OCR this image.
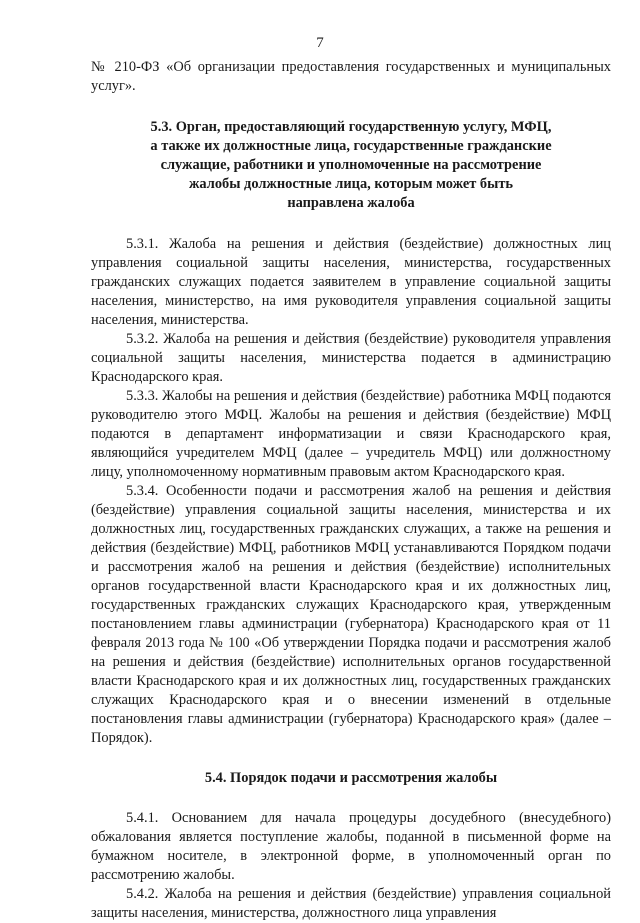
7

№ 210-ФЗ «Об организации предоставления государственных и муниципальных услуг».

5.3. Орган, предоставляющий государственную услугу, МФЦ,
а также их должностные лица, государственные гражданские
служащие, работники и уполномоченные на рассмотрение
жалобы должностные лица, которым может быть
направлена жалоба

5.3.1. Жалоба на решения и действия (бездействие) должностных лиц управления социальной защиты населения, министерства, государственных гражданских служащих подается заявителем в управление социальной защиты населения, министерство, на имя руководителя управления социальной защиты населения, министерства.

5.3.2. Жалоба на решения и действия (бездействие) руководителя управления социальной защиты населения, министерства подается в администрацию Краснодарского края.

5.3.3. Жалобы на решения и действия (бездействие) работника МФЦ подаются руководителю этого МФЦ. Жалобы на решения и действия (бездействие) МФЦ подаются в департамент информатизации и связи Краснодарского края, являющийся учредителем МФЦ (далее – учредитель МФЦ) или должностному лицу, уполномоченному нормативным правовым актом Краснодарского края.

5.3.4. Особенности подачи и рассмотрения жалоб на решения и действия (бездействие) управления социальной защиты населения, министерства и их должностных лиц, государственных гражданских служащих, а также на решения и действия (бездействие) МФЦ, работников МФЦ устанавливаются Порядком подачи и рассмотрения жалоб на решения и действия (бездействие) исполнительных органов государственной власти Краснодарского края и их должностных лиц, государственных гражданских служащих Краснодарского края, утвержденным постановлением главы администрации (губернатора) Краснодарского края от 11 февраля 2013 года № 100 «Об утверждении Порядка подачи и рассмотрения жалоб на решения и действия (бездействие) исполнительных органов государственной власти Краснодарского края и их должностных лиц, государственных гражданских служащих Краснодарского края и о внесении изменений в отдельные постановления главы администрации (губернатора) Краснодарского края» (далее – Порядок).

5.4. Порядок подачи и рассмотрения жалобы

5.4.1. Основанием для начала процедуры досудебного (внесудебного) обжалования является поступление жалобы, поданной в письменной форме на бумажном носителе, в электронной форме, в уполномоченный орган по рассмотрению жалобы.

5.4.2. Жалоба на решения и действия (бездействие) управления социальной защиты населения, министерства, должностного лица управления
